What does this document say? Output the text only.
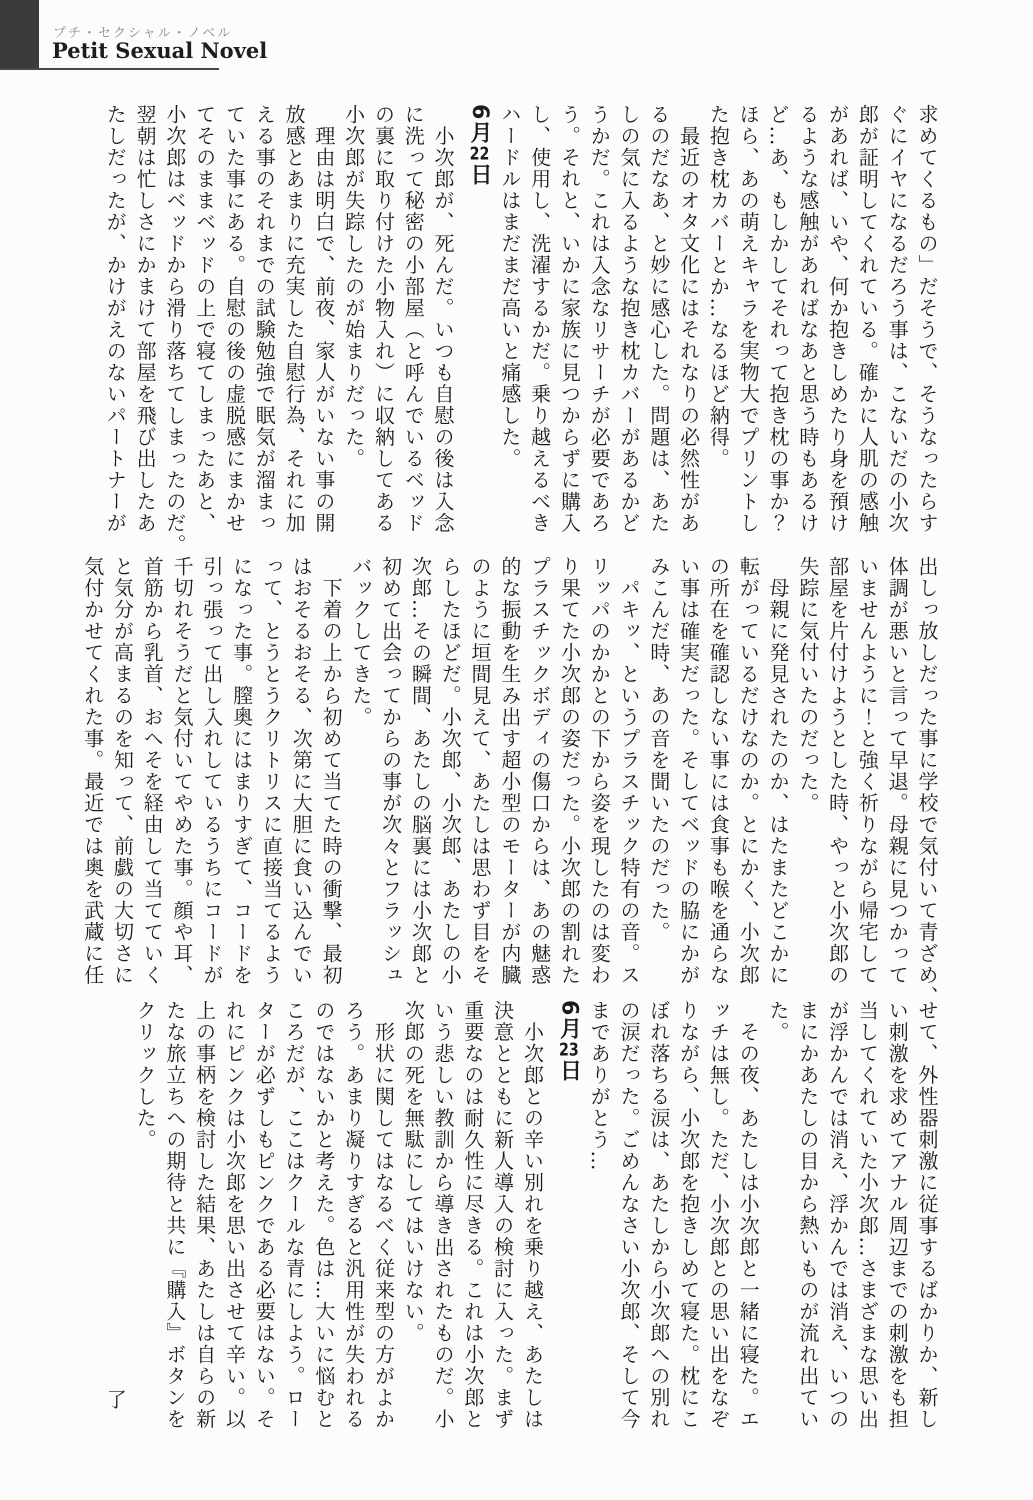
プチ・セクシャル・ノベル
Petit Sexual Novel
求めてくるもの」だそうで、そうなったらす
ぐにイヤになるだろう事は、こないだの小次
郎が証明してくれている。確かに人肌の感触
があれば、いや、何か抱きしめたり身を預け
るような感触があればなあと思う時もあるけ
ど…あ、もしかしてそれって抱き枕の事か？
ほら、あの萌えキャラを実物大でプリントし
た抱き枕カバーとか…なるほど納得。
　最近のオタ文化にはそれなりの必然性があ
るのだなあ、と妙に感心した。問題は、あた
しの気に入るような抱き枕カバーがあるかど
うかだ。これは入念なリサーチが必要であろ
う。それと、いかに家族に見つからずに購入
し、使用し、洗濯するかだ。乗り越えるべき
ハードルはまだまだ高いと痛感した。
6月22日
　小次郎が、死んだ。いつも自慰の後は入念
に洗って秘密の小部屋（と呼んでいるベッド
の裏に取り付けた小物入れ）に収納してある
小次郎が失踪したのが始まりだった。
　理由は明白で、前夜、家人がいない事の開
放感とあまりに充実した自慰行為、それに加
える事のそれまでの試験勉強で眠気が溜まっ
ていた事にある。自慰の後の虚脱感にまかせ
てそのままベッドの上で寝てしまったあと、
小次郎はベッドから滑り落ちてしまったのだ。
翌朝は忙しさにかまけて部屋を飛び出したあ
たしだったが、かけがえのないパートナーが
出しっ放しだった事に学校で気付いて青ざめ、
体調が悪いと言って早退。母親に見つかって
いませんように！と強く祈りながら帰宅して
部屋を片付けようとした時、やっと小次郎の
失踪に気付いたのだった。
　母親に発見されたのか、はたまたどこかに
転がっているだけなのか。とにかく、小次郎
の所在を確認しない事には食事も喉を通らな
い事は確実だった。そしてベッドの脇にかが
みこんだ時、あの音を聞いたのだった。
　パキッ、というプラスチック特有の音。ス
リッパのかかとの下から姿を現したのは変わ
り果てた小次郎の姿だった。小次郎の割れた
プラスチックボディの傷口からは、あの魅惑
的な振動を生み出す超小型のモーターが内臓
のように垣間見えて、あたしは思わず目をそ
らしたほどだ。小次郎、小次郎、あたしの小
次郎…その瞬間、あたしの脳裏には小次郎と
初めて出会ってからの事が次々とフラッシュ
バックしてきた。
　下着の上から初めて当てた時の衝撃、最初
はおそるおそる、次第に大胆に食い込んでい
って、とうとうクリトリスに直接当てるよう
になった事。膣奥にはまりすぎて、コードを
引っ張って出し入れしているうちにコードが
千切れそうだと気付いてやめた事。顔や耳、
首筋から乳首、おへそを経由して当てていく
と気分が高まるのを知って、前戯の大切さに
気付かせてくれた事。最近では奥を武蔵に任
せて、外性器刺激に従事するばかりか、新し
い刺激を求めてアナル周辺までの刺激をも担
当してくれていた小次郎…さまざまな思い出
が浮かんでは消え、浮かんでは消え、いつの
まにかあたしの目から熱いものが流れ出てい
た。
　その夜、あたしは小次郎と一緒に寝た。エ
ッチは無し。ただ、小次郎との思い出をなぞ
りながら、小次郎を抱きしめて寝た。枕にこ
ぼれ落ちる涙は、あたしから小次郎への別れ
の涙だった。ごめんなさい小次郎、そして今
までありがとう…
6月23日
　小次郎との辛い別れを乗り越え、あたしは
決意とともに新人導入の検討に入った。まず
重要なのは耐久性に尽きる。これは小次郎と
いう悲しい教訓から導き出されたものだ。小
次郎の死を無駄にしてはいけない。
　形状に関してはなるべく従来型の方がよか
ろう。あまり凝りすぎると汎用性が失われる
のではないかと考えた。色は…大いに悩むと
ころだが、ここはクールな青にしよう。ロー
ターが必ずしもピンクである必要はない。そ
れにピンクは小次郎を思い出させて辛い。以
上の事柄を検討した結果、あたしは自らの新
たな旅立ちへの期待と共に『購入』ボタンを
クリックした。
了
